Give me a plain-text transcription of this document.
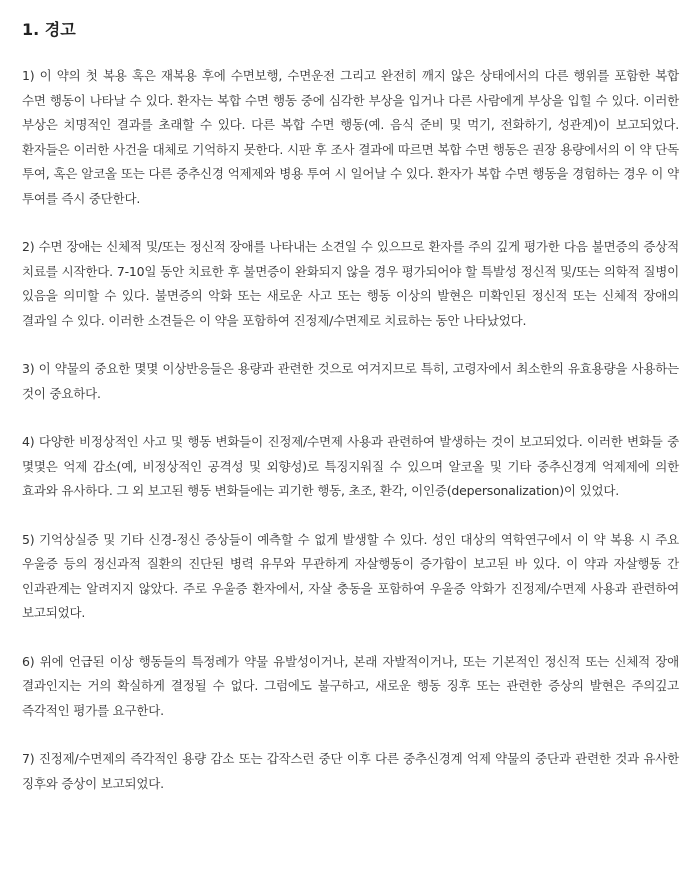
1. 경고

1) 이 약의 첫 복용 혹은 재복용 후에 수면보행, 수면운전 그리고 완전히 깨지 않은 상태에서의 다른 행위를 포함한 복합 수면 행동이 나타날 수 있다. 환자는 복합 수면 행동 중에 심각한 부상을 입거나 다른 사람에게 부상을 입힐 수 있다. 이러한 부상은 치명적인 결과를 초래할 수 있다. 다른 복합 수면 행동(예. 음식 준비 및 먹기, 전화하기, 성관계)이 보고되었다. 환자들은 이러한 사건을 대체로 기억하지 못한다. 시판 후 조사 결과에 따르면 복합 수면 행동은 권장 용량에서의 이 약 단독 투여, 혹은 알코올 또는 다른 중추신경 억제제와 병용 투여 시 일어날 수 있다. 환자가 복합 수면 행동을 경험하는 경우 이 약 투여를 즉시 중단한다.

2) 수면 장애는 신체적 및/또는 정신적 장애를 나타내는 소견일 수 있으므로 환자를 주의 깊게 평가한 다음 불면증의 증상적 치료를 시작한다. 7-10일 동안 치료한 후 불면증이 완화되지 않을 경우 평가되어야 할 특발성 정신적 및/또는 의학적 질병이 있음을 의미할 수 있다. 불면증의 악화 또는 새로운 사고 또는 행동 이상의 발현은 미확인된 정신적 또는 신체적 장애의 결과일 수 있다. 이러한 소견들은 이 약을 포함하여 진정제/수면제로 치료하는 동안 나타났었다.

3) 이 약물의 중요한 몇몇 이상반응들은 용량과 관련한 것으로 여겨지므로 특히, 고령자에서 최소한의 유효용량을 사용하는 것이 중요하다.

4) 다양한 비정상적인 사고 및 행동 변화들이 진정제/수면제 사용과 관련하여 발생하는 것이 보고되었다. 이러한 변화들 중 몇몇은 억제 감소(예, 비정상적인 공격성 및 외향성)로 특징지워질 수 있으며 알코올 및 기타 중추신경계 억제제에 의한 효과와 유사하다. 그 외 보고된 행동 변화들에는 괴기한 행동, 초조, 환각, 이인증(depersonalization)이 있었다.

5) 기억상실증 및 기타 신경-정신 증상들이 예측할 수 없게 발생할 수 있다. 성인 대상의 역학연구에서 이 약 복용 시 주요 우울증 등의 정신과적 질환의 진단된 병력 유무와 무관하게 자살행동이 증가함이 보고된 바 있다. 이 약과 자살행동 간 인과관계는 알려지지 않았다. 주로 우울증 환자에서, 자살 충동을 포함하여 우울증 악화가 진정제/수면제 사용과 관련하여 보고되었다.

6) 위에 언급된 이상 행동들의 특정례가 약물 유발성이거나, 본래 자발적이거나, 또는 기본적인 정신적 또는 신체적 장애 결과인지는 거의 확실하게 결정될 수 없다. 그럼에도 불구하고, 새로운 행동 징후 또는 관련한 증상의 발현은 주의깊고 즉각적인 평가를 요구한다.

7) 진정제/수면제의 즉각적인 용량 감소 또는 갑작스런 중단 이후 다른 중추신경계 억제 약물의 중단과 관련한 것과 유사한 징후와 증상이 보고되었다.
